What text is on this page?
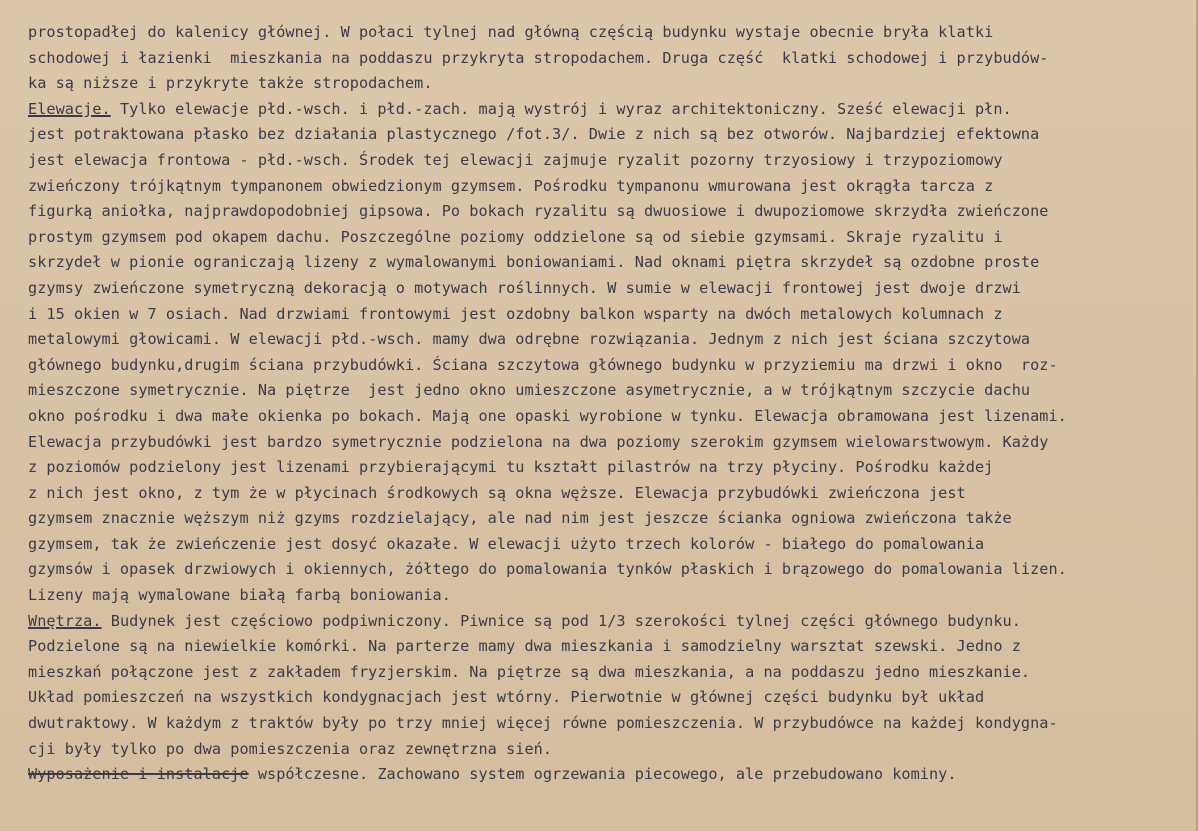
prostopadłej do kalenicy głównej. W połaci tylnej nad główną częścią budynku wystaje obecnie bryła klatki
schodowej i łazienki  mieszkania na poddaszu przykryta stropodachem. Druga część  klatki schodowej i przybudów-
ka są niższe i przykryte także stropodachem.
Elewacje. Tylko elewacje płd.-wsch. i płd.-zach. mają wystrój i wyraz architektoniczny. Sześć elewacji płn.
jest potraktowana płasko bez działania plastycznego /fot.3/. Dwie z nich są bez otworów. Najbardziej efektowna
jest elewacja frontowa - płd.-wsch. Środek tej elewacji zajmuje ryzalit pozorny trzyosiowy i trzypoziomowy
zwieńczony trójkątnym tympanonem obwiedzionym gzymsem. Pośrodku tympanonu wmurowana jest okrągła tarcza z
figurką aniołka, najprawdopodobniej gipsowa. Po bokach ryzalitu są dwuosiowe i dwupoziomowe skrzydła zwieńczone
prostym gzymsem pod okapem dachu. Poszczególne poziomy oddzielone są od siebie gzymsami. Skraje ryzalitu i
skrzydeł w pionie ograniczają lizeny z wymalowanymi boniowaniami. Nad oknami piętra skrzydeł są ozdobne proste
gzymsy zwieńczone symetryczną dekoracją o motywach roślinnych. W sumie w elewacji frontowej jest dwoje drzwi
i 15 okien w 7 osiach. Nad drzwiami frontowymi jest ozdobny balkon wsparty na dwóch metalowych kolumnach z
metalowymi głowicami. W elewacji płd.-wsch. mamy dwa odrębne rozwiązania. Jednym z nich jest ściana szczytowa
głównego budynku,drugim ściana przybudówki. Ściana szczytowa głównego budynku w przyziemiu ma drzwi i okno  roz-
mieszczone symetrycznie. Na piętrze  jest jedno okno umieszczone asymetrycznie, a w trójkątnym szczycie dachu
okno pośrodku i dwa małe okienka po bokach. Mają one opaski wyrobione w tynku. Elewacja obramowana jest lizenami.
Elewacja przybudówki jest bardzo symetrycznie podzielona na dwa poziomy szerokim gzymsem wielowarstwowym. Każdy
z poziomów podzielony jest lizenami przybierającymi tu kształt pilastrów na trzy płyciny. Pośrodku każdej
z nich jest okno, z tym że w płycinach środkowych są okna węższe. Elewacja przybudówki zwieńczona jest
gzymsem znacznie węższym niż gzyms rozdzielający, ale nad nim jest jeszcze ścianka ogniowa zwieńczona także
gzymsem, tak że zwieńczenie jest dosyć okazałe. W elewacji użyto trzech kolorów - białego do pomalowania
gzymsów i opasek drzwiowych i okiennych, żółtego do pomalowania tynków płaskich i brązowego do pomalowania lizen.
Lizeny mają wymalowane białą farbą boniowania.
Wnętrza. Budynek jest częściowo podpiwniczony. Piwnice są pod 1/3 szerokości tylnej części głównego budynku.
Podzielone są na niewielkie komórki. Na parterze mamy dwa mieszkania i samodzielny warsztat szewski. Jedno z
mieszkań połączone jest z zakładem fryzjerskim. Na piętrze są dwa mieszkania, a na poddaszu jedno mieszkanie.
Układ pomieszczeń na wszystkich kondygnacjach jest wtórny. Pierwotnie w głównej części budynku był układ
dwutraktowy. W każdym z traktów były po trzy mniej więcej równe pomieszczenia. W przybudówce na każdej kondygna-
cji były tylko po dwa pomieszczenia oraz zewnętrzna sień.
Wyposażenie i instalacje współczesne. Zachowano system ogrzewania piecowego, ale przebudowano kominy.
